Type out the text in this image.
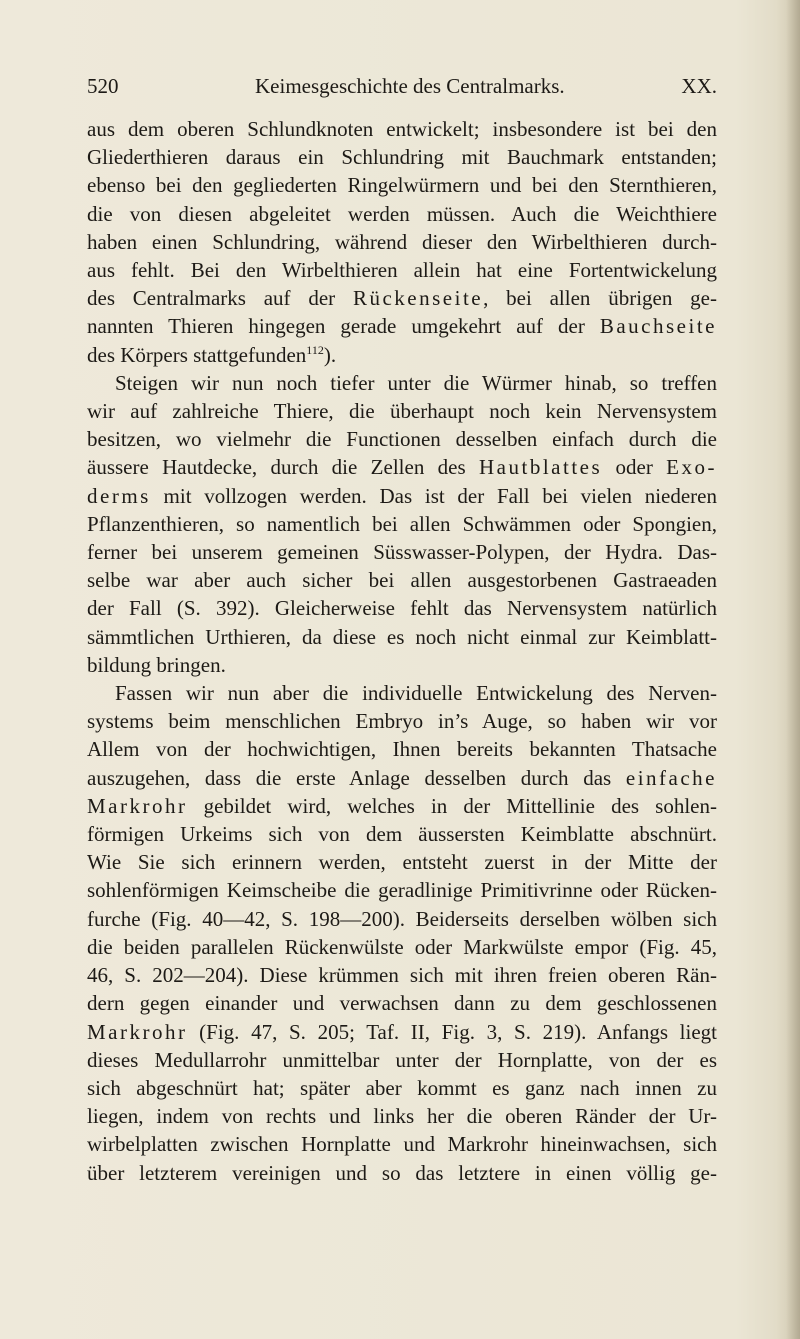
520	Keimesgeschichte des Centralmarks.	XX.
aus dem oberen Schlundknoten entwickelt; insbesondere ist bei den
Gliederthieren daraus ein Schlundring mit Bauchmark entstanden;
ebenso bei den gegliederten Ringelwürmern und bei den Sternthieren,
die von diesen abgeleitet werden müssen. Auch die Weichthiere
haben einen Schlundring, während dieser den Wirbelthieren durch-
aus fehlt. Bei den Wirbelthieren allein hat eine Fortentwickelung
des Centralmarks auf der Rückenseite, bei allen übrigen ge-
nannten Thieren hingegen gerade umgekehrt auf der Bauchseite
des Körpers stattgefunden$^{112}$).
Steigen wir nun noch tiefer unter die Würmer hinab, so treffen
wir auf zahlreiche Thiere, die überhaupt noch kein Nervensystem
besitzen, wo vielmehr die Functionen desselben einfach durch die
äussere Hautdecke, durch die Zellen des Hautblattes oder Exo-
derms mit vollzogen werden. Das ist der Fall bei vielen niederen
Pflanzenthieren, so namentlich bei allen Schwämmen oder Spongien,
ferner bei unserem gemeinen Süsswasser-Polypen, der Hydra. Das-
selbe war aber auch sicher bei allen ausgestorbenen Gastraeaden
der Fall (S. 392). Gleicherweise fehlt das Nervensystem natürlich
sämmtlichen Urthieren, da diese es noch nicht einmal zur Keimblatt-
bildung bringen.
Fassen wir nun aber die individuelle Entwickelung des Nerven-
systems beim menschlichen Embryo in’s Auge, so haben wir vor
Allem von der hochwichtigen, Ihnen bereits bekannten Thatsache
auszugehen, dass die erste Anlage desselben durch das einfache
Markrohr gebildet wird, welches in der Mittellinie des sohlen-
förmigen Urkeims sich von dem äussersten Keimblatte abschnürt.
Wie Sie sich erinnern werden, entsteht zuerst in der Mitte der
sohlenförmigen Keimscheibe die geradlinige Primitivrinne oder Rücken-
furche (Fig. 40—42, S. 198—200). Beiderseits derselben wölben sich
die beiden parallelen Rückenwülste oder Markwülste empor (Fig. 45,
46, S. 202—204). Diese krümmen sich mit ihren freien oberen Rän-
dern gegen einander und verwachsen dann zu dem geschlossenen
Markrohr (Fig. 47, S. 205; Taf. II, Fig. 3, S. 219). Anfangs liegt
dieses Medullarrohr unmittelbar unter der Hornplatte, von der es
sich abgeschnürt hat; später aber kommt es ganz nach innen zu
liegen, indem von rechts und links her die oberen Ränder der Ur-
wirbelplatten zwischen Hornplatte und Markrohr hineinwachsen, sich
über letzterem vereinigen und so das letztere in einen völlig ge-
